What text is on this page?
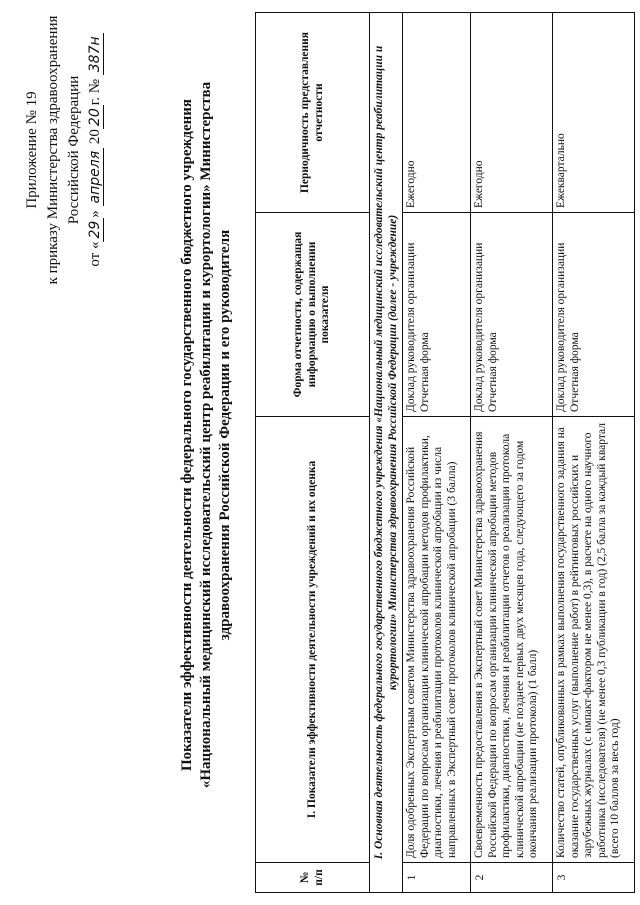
Приложение № 19 к приказу Министерства здравоохранения Российской Федерации
от «29» апреля 2020г. № 387н
Показатели эффективности деятельности федерального государственного бюджетного учреждения «Национальный медицинский исследовательский центр реабилитации и курортологии» Министерства здравоохранения Российской Федерации и его руководителя
№ п/п	I. Показатели эффективности деятельности учреждений и их оценка	Форма отчетности, содержащая информацию о выполнении показателя	Периодичность представления отчетности
I. Основная деятельность федерального государственного бюджетного учреждения «Национальный медицинский исследовательский центр реабилитации и курортологии» Министерства здравоохранения Российской Федерации (далее - учреждение)			
1	Доля одобренных Экспертным советом Министерства здравоохранения Российской Федерации по вопросам организации клинической апробации методов профилактики, диагностики, лечения и реабилитации протоколов клинической апробации из числа направленных в Экспертный совет протоколов клинической апробации (3 балла)	Доклад руководителя организации Отчетная форма	Ежегодно
2	Своевременность предоставления в Экспертный совет Министерства здравоохранения Российской Федерации по вопросам организации клинической апробации методов профилактики, диагностики, лечения и реабилитации отчетов о реализации протокола клинической апробации (не позднее первых двух месяцев года, следующего за годом окончания реализации протокола) (1 балл)	Доклад руководителя организации Отчетная форма	Ежегодно
3	Количество статей, опубликованных в рамках выполнения государственного задания на оказание государственных услуг (выполнение работ) в рейтинговых российских и зарубежных журналах (с импакт-фактором не менее 0,3), в расчете на одного научного работника (исследователя) (не менее 0,3 публикации в год) (2,5 балла за каждый квартал (всего 10 баллов за весь год)	Доклад руководителя организации Отчетная форма	Ежеквартально
